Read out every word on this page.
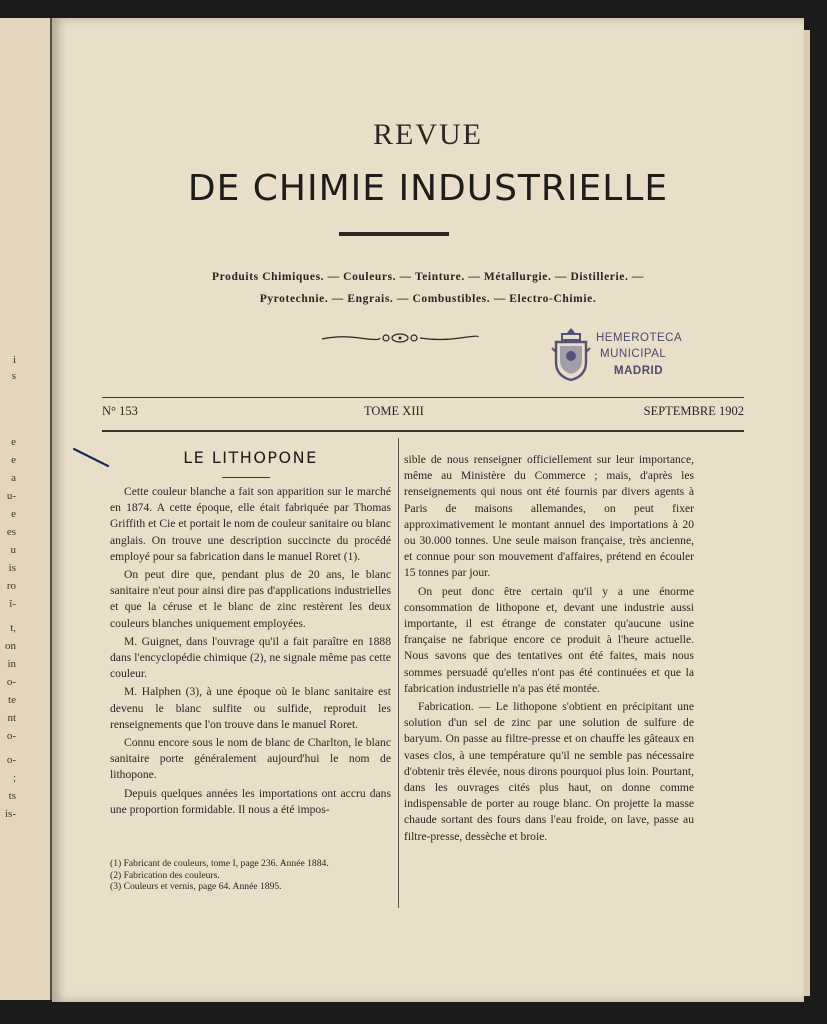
i
s
e
e
a
u-
e
es
u
is
ro
î-
t,
on
in
o-
te
nt
o-
o-
;
ts
is-
REVUE
DE CHIMIE INDUSTRIELLE
Produits Chimiques. — Couleurs. — Teinture. — Métallurgie. — Distillerie. —
Pyrotechnie. — Engrais. — Combustibles. — Electro-Chimie.
HEMEROTECA
MUNICIPAL
MADRID
N° 153	TOME XIII	SEPTEMBRE 1902
LE LITHOPONE

Cette couleur blanche a fait son apparition sur le marché en 1874. A cette époque, elle était fabriquée par Thomas Griffith et Cie et portait le nom de couleur sanitaire ou blanc anglais. On trouve une description succincte du procédé employé pour sa fabrication dans le manuel Roret (1).

On peut dire que, pendant plus de 20 ans, le blanc sanitaire n'eut pour ainsi dire pas d'applications industrielles et que la céruse et le blanc de zinc restèrent les deux couleurs blanches uniquement employées.

M. Guignet, dans l'ouvrage qu'il a fait paraître en 1888 dans l'encyclopédie chimique (2), ne signale même pas cette couleur.

M. Halphen (3), à une époque où le blanc sanitaire est devenu le blanc sulfite ou sulfide, reproduit les renseignements que l'on trouve dans le manuel Roret.

Connu encore sous le nom de blanc de Charlton, le blanc sanitaire porte généralement aujourd'hui le nom de lithopone.

Depuis quelques années les importations ont accru dans une proportion formidable. Il nous a été impos-

(1) Fabricant de couleurs, tome I, page 236. Année 1884.
(2) Fabrication des couleurs.
(3) Couleurs et vernis, page 64. Année 1895.

sible de nous renseigner officiellement sur leur importance, même au Ministère du Commerce ; mais, d'après les renseignements qui nous ont été fournis par divers agents à Paris de maisons allemandes, on peut fixer approximativement le montant annuel des importations à 20 ou 30.000 tonnes. Une seule maison française, très ancienne, et connue pour son mouvement d'affaires, prétend en écouler 15 tonnes par jour.

On peut donc être certain qu'il y a une énorme consommation de lithopone et, devant une industrie aussi importante, il est étrange de constater qu'aucune usine française ne fabrique encore ce produit à l'heure actuelle. Nous savons que des tentatives ont été faites, mais nous sommes persuadé qu'elles n'ont pas été continuées et que la fabrication industrielle n'a pas été montée.

Fabrication. — Le lithopone s'obtient en précipitant une solution d'un sel de zinc par une solution de sulfure de baryum. On passe au filtre-presse et on chauffe les gâteaux en vases clos, à une température qu'il ne semble pas nécessaire d'obtenir très élevée, nous dirons pourquoi plus loin. Pourtant, dans les ouvrages cités plus haut, on donne comme indispensable de porter au rouge blanc. On projette la masse chaude sortant des fours dans l'eau froide, on lave, passe au filtre-presse, dessèche et broie.
